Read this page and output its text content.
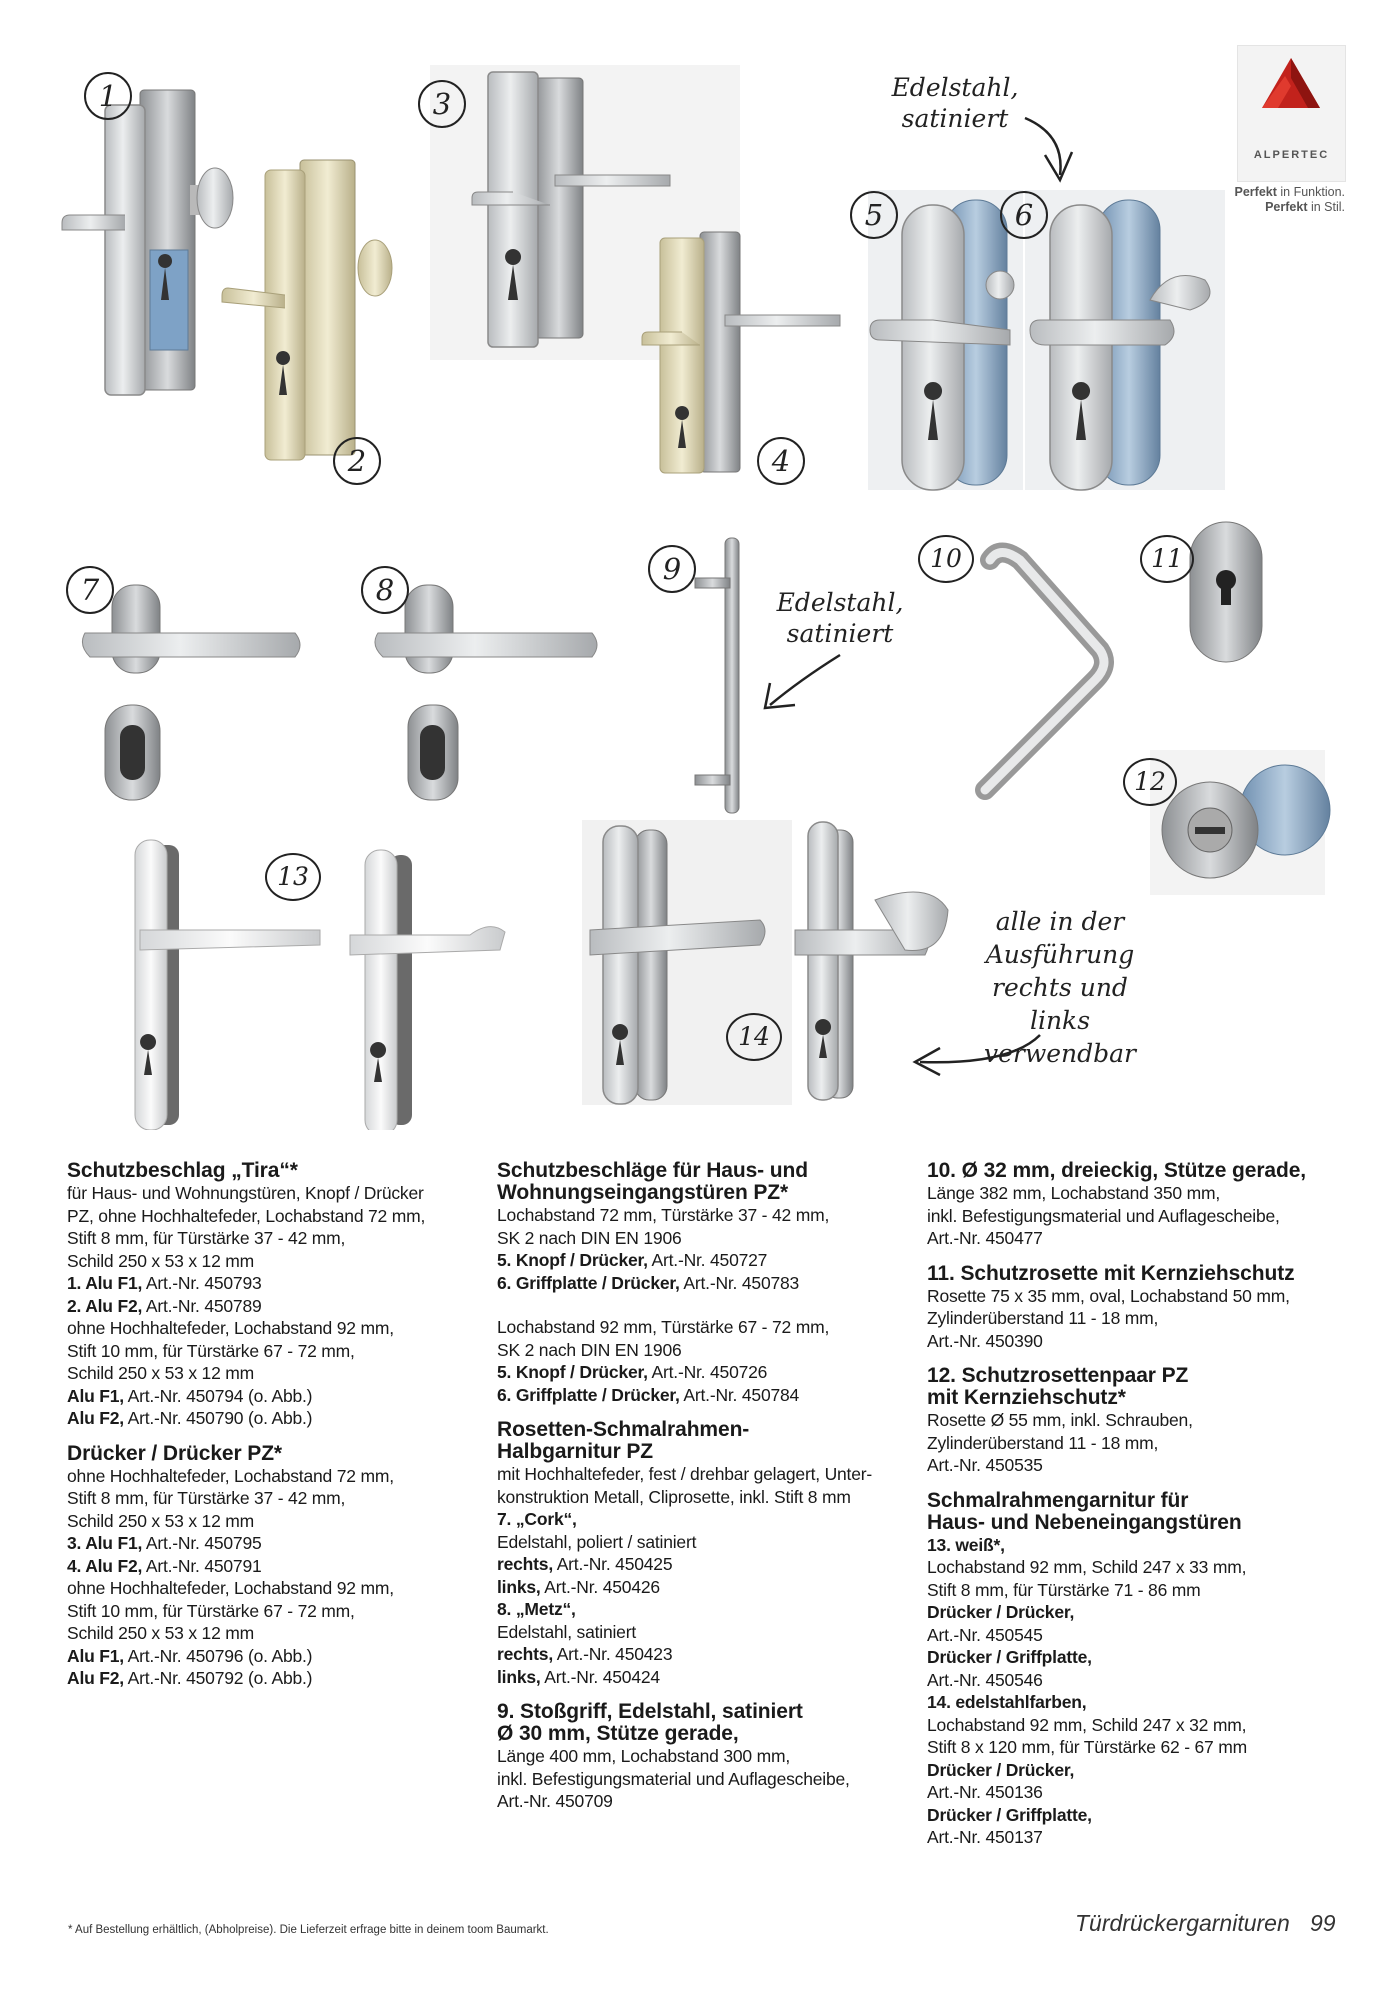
1
2
3
4
5	6
7	8
9	10	11
12
13
14
Edelstahl,
satiniert
Edelstahl,
satiniert
alle in der
Ausführung
rechts und links
verwendbar
ALPERTEC
Perfekt in Funktion.
Perfekt in Stil.
Schutzbeschlag „Tira“*
für Haus- und Wohnungstüren, Knopf / Drücker
PZ, ohne Hochhaltefeder, Lochabstand 72 mm,
Stift 8 mm, für Türstärke 37 - 42 mm,
Schild 250 x 53 x 12 mm
1. Alu F1, Art.-Nr. 450793
2. Alu F2, Art.-Nr. 450789
ohne Hochhaltefeder, Lochabstand 92 mm,
Stift 10 mm, für Türstärke 67 - 72 mm,
Schild 250 x 53 x 12 mm
Alu F1, Art.-Nr. 450794 (o. Abb.)
Alu F2, Art.-Nr. 450790 (o. Abb.)
Drücker / Drücker PZ*
ohne Hochhaltefeder, Lochabstand 72 mm,
Stift 8 mm, für Türstärke 37 - 42 mm,
Schild 250 x 53 x 12 mm
3. Alu F1, Art.-Nr. 450795
4. Alu F2, Art.-Nr. 450791
ohne Hochhaltefeder, Lochabstand 92 mm,
Stift 10 mm, für Türstärke 67 - 72 mm,
Schild 250 x 53 x 12 mm
Alu F1, Art.-Nr. 450796 (o. Abb.)
Alu F2, Art.-Nr. 450792 (o. Abb.)
Schutzbeschläge für Haus- und
Wohnungseingangstüren PZ*
Lochabstand 72 mm, Türstärke 37 - 42 mm,
SK 2 nach DIN EN 1906
5. Knopf / Drücker, Art.-Nr. 450727
6. Griffplatte / Drücker, Art.-Nr. 450783
Lochabstand 92 mm, Türstärke 67 - 72 mm,
SK 2 nach DIN EN 1906
5. Knopf / Drücker, Art.-Nr. 450726
6. Griffplatte / Drücker, Art.-Nr. 450784
Rosetten-Schmalrahmen-
Halbgarnitur PZ
mit Hochhaltefeder, fest / drehbar gelagert, Unter-
konstruktion Metall, Cliprosette, inkl. Stift 8 mm
7. „Cork“,
Edelstahl, poliert / satiniert
rechts, Art.-Nr. 450425
links, Art.-Nr. 450426
8. „Metz“,
Edelstahl, satiniert
rechts, Art.-Nr. 450423
links, Art.-Nr. 450424
9. Stoßgriff, Edelstahl, satiniert
Ø 30 mm, Stütze gerade,
Länge 400 mm, Lochabstand 300 mm,
inkl. Befestigungsmaterial und Auflagescheibe,
Art.-Nr. 450709
10. Ø 32 mm, dreieckig, Stütze gerade,
Länge 382 mm, Lochabstand 350 mm,
inkl. Befestigungsmaterial und Auflagescheibe,
Art.-Nr. 450477
11. Schutzrosette mit Kernziehschutz
Rosette 75 x 35 mm, oval, Lochabstand 50 mm,
Zylinderüberstand 11 - 18 mm,
Art.-Nr. 450390
12. Schutzrosettenpaar PZ
mit Kernziehschutz*
Rosette Ø 55 mm, inkl. Schrauben,
Zylinderüberstand 11 - 18 mm,
Art.-Nr. 450535
Schmalrahmengarnitur für
Haus- und Nebeneingangstüren
13. weiß*,
Lochabstand 92 mm, Schild 247 x 33 mm,
Stift 8 mm, für Türstärke 71 - 86 mm
Drücker / Drücker,
Art.-Nr. 450545
Drücker / Griffplatte,
Art.-Nr. 450546
14. edelstahlfarben,
Lochabstand 92 mm, Schild 247 x 32 mm,
Stift 8 x 120 mm, für Türstärke 62 - 67 mm
Drücker / Drücker,
Art.-Nr. 450136
Drücker / Griffplatte,
Art.-Nr. 450137
* Auf Bestellung erhältlich, (Abholpreise). Die Lieferzeit erfrage bitte in deinem toom Baumarkt.	Türdrückergarnituren 99
